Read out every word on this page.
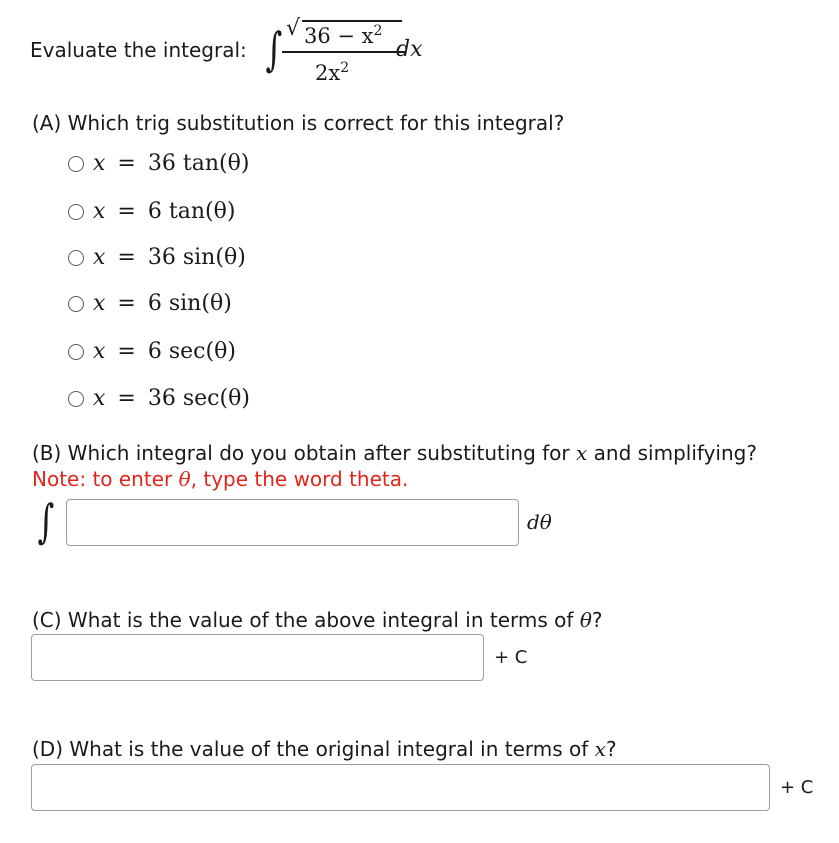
Evaluate the integral: ∫ √ $36 - x^2$
$2x^2$
dx
(A) Which trig substitution is correct for this integral?
x = 36 tan(θ)
x = 6 tan(θ)
x = 36 sin(θ)
x = 6 sin(θ)
x = 6 sec(θ)
x = 36 sec(θ)
(B) Which integral do you obtain after substituting for x and simplifying?
Note: to enter θ, type the word theta.
∫	dθ
(C) What is the value of the above integral in terms of θ?
+ C
(D) What is the value of the original integral in terms of x?
+ C
